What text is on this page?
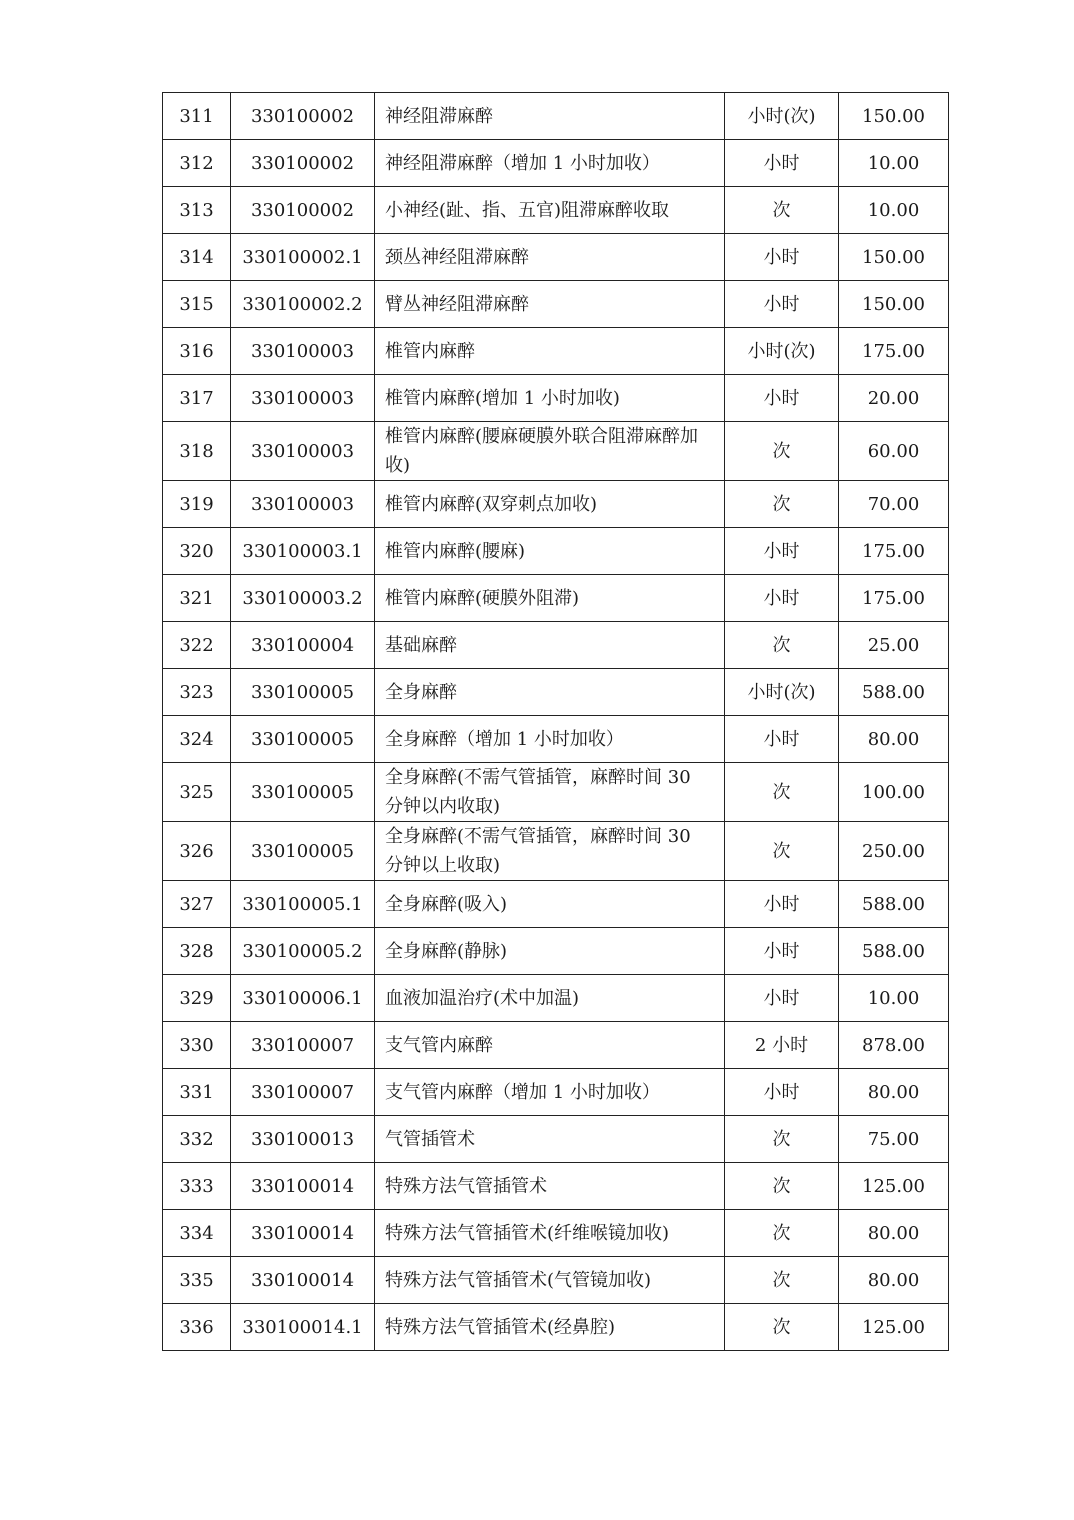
311	330100002	神经阻滞麻醉	小时(次)	150.00
312	330100002	神经阻滞麻醉（增加 1 小时加收）	小时	10.00
313	330100002	小神经(趾、指、五官)阻滞麻醉收取	次	10.00
314	330100002.1	颈丛神经阻滞麻醉	小时	150.00
315	330100002.2	臂丛神经阻滞麻醉	小时	150.00
316	330100003	椎管内麻醉	小时(次)	175.00
317	330100003	椎管内麻醉(增加 1 小时加收)	小时	20.00
318	330100003	椎管内麻醉(腰麻硬膜外联合阻滞麻醉加收)	次	60.00
319	330100003	椎管内麻醉(双穿刺点加收)	次	70.00
320	330100003.1	椎管内麻醉(腰麻)	小时	175.00
321	330100003.2	椎管内麻醉(硬膜外阻滞)	小时	175.00
322	330100004	基础麻醉	次	25.00
323	330100005	全身麻醉	小时(次)	588.00
324	330100005	全身麻醉（增加 1 小时加收）	小时	80.00
325	330100005	全身麻醉(不需气管插管，麻醉时间 30 分钟以内收取)	次	100.00
326	330100005	全身麻醉(不需气管插管，麻醉时间 30 分钟以上收取)	次	250.00
327	330100005.1	全身麻醉(吸入)	小时	588.00
328	330100005.2	全身麻醉(静脉)	小时	588.00
329	330100006.1	血液加温治疗(术中加温)	小时	10.00
330	330100007	支气管内麻醉	2 小时	878.00
331	330100007	支气管内麻醉（增加 1 小时加收）	小时	80.00
332	330100013	气管插管术	次	75.00
333	330100014	特殊方法气管插管术	次	125.00
334	330100014	特殊方法气管插管术(纤维喉镜加收)	次	80.00
335	330100014	特殊方法气管插管术(气管镜加收)	次	80.00
336	330100014.1	特殊方法气管插管术(经鼻腔)	次	125.00
